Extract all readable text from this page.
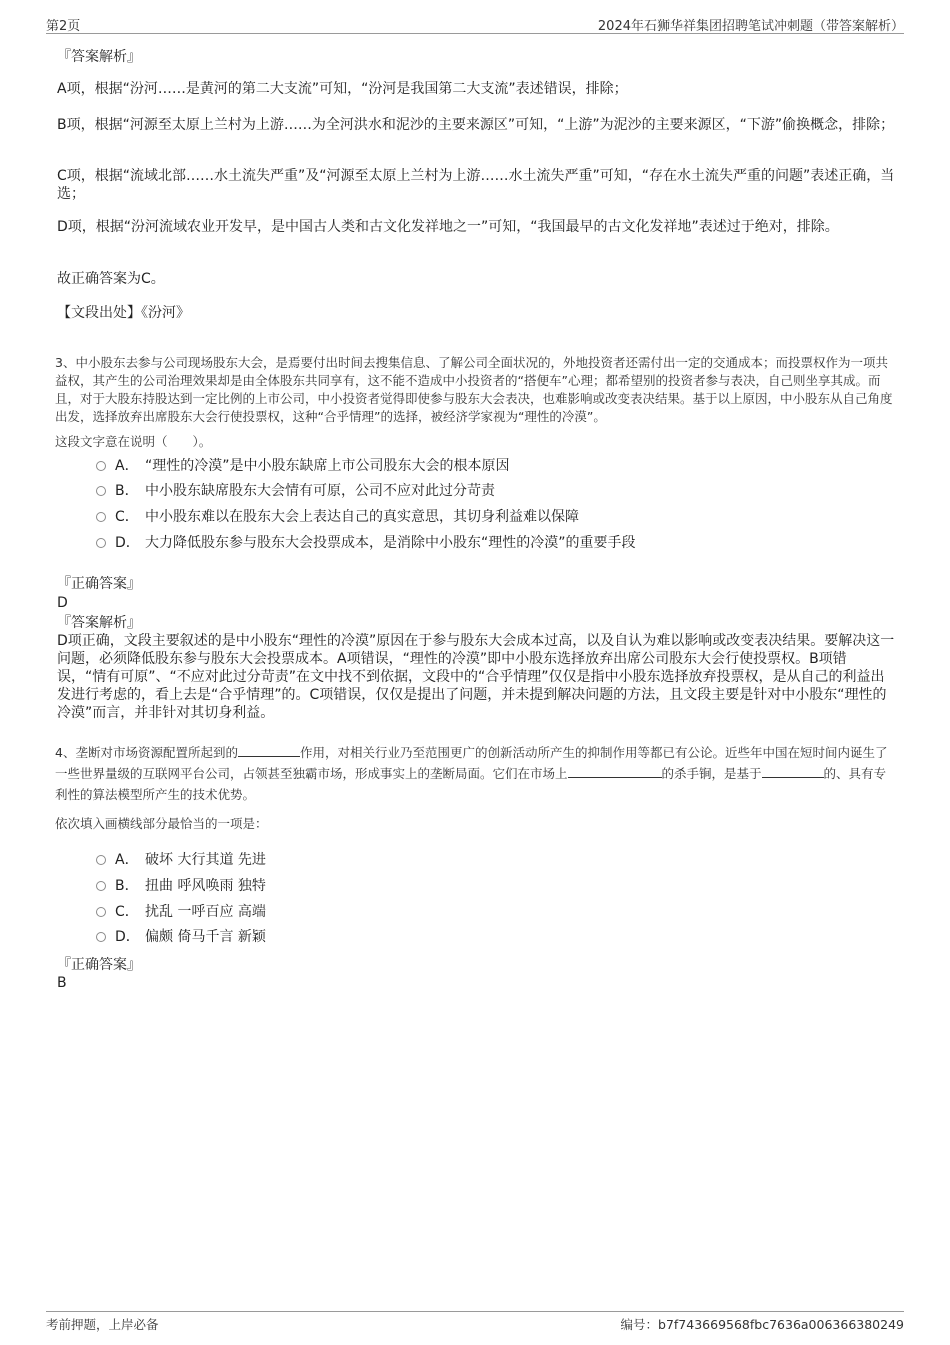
第2页	2024年石狮华祥集团招聘笔试冲刺题（带答案解析）
『答案解析』
A项，根据“汾河……是黄河的第二大支流”可知，“汾河是我国第二大支流”表述错误，排除；
B项，根据“河源至太原上兰村为上游……为全河洪水和泥沙的主要来源区”可知，“上游”为泥沙的主要来源区，“下游”偷换概念，排除；
C项，根据“流域北部……水土流失严重”及“河源至太原上兰村为上游……水土流失严重”可知，“存在水土流失严重的问题”表述正确，当选；
D项，根据“汾河流域农业开发早，是中国古人类和古文化发祥地之一”可知，“我国最早的古文化发祥地”表述过于绝对，排除。
故正确答案为C。
【文段出处】《汾河》
3、中小股东去参与公司现场股东大会，是焉要付出时间去搜集信息、了解公司全面状况的，外地投资者还需付出一定的交通成本；而投票权作为一项共益权，其产生的公司治理效果却是由全体股东共同享有，这不能不造成中小投资者的“搭便车”心理；都希望别的投资者参与表决，自己则坐享其成。而且，对于大股东持股达到一定比例的上市公司，中小投资者觉得即使参与股东大会表决，也难影响或改变表决结果。基于以上原因，中小股东从自己角度出发，选择放弃出席股东大会行使投票权，这种“合乎情理”的选择，被经济学家视为“理性的冷漠”。
这段文字意在说明（　　）。
A． “理性的冷漠”是中小股东缺席上市公司股东大会的根本原因
B． 中小股东缺席股东大会情有可原，公司不应对此过分苛责
C． 中小股东难以在股东大会上表达自己的真实意思，其切身利益难以保障
D． 大力降低股东参与股东大会投票成本，是消除中小股东“理性的冷漠”的重要手段
『正确答案』
D
『答案解析』
D项正确，文段主要叙述的是中小股东“理性的冷漠”原因在于参与股东大会成本过高，以及自认为难以影响或改变表决结果。要解决这一问题，必须降低股东参与股东大会投票成本。A项错误，“理性的冷漠”即中小股东选择放弃出席公司股东大会行使投票权。B项错误，“情有可原”、“不应对此过分苛责”在文中找不到依据，文段中的“合乎情理”仅仅是指中小股东选择放弃投票权，是从自己的利益出发进行考虑的，看上去是“合乎情理”的。C项错误，仅仅是提出了问题，并未提到解决问题的方法，且文段主要是针对中小股东“理性的冷漠”而言，并非针对其切身利益。
4、垄断对市场资源配置所起到的	作用，对相关行业乃至范围更广的创新活动所产生的抑制作用等都已有公论。近些年中国在短时间内诞生了一些世界量级的互联网平台公司，占领甚至独霸市场，形成事实上的垄断局面。它们在市场上	的杀手锏，是基于	的、具有专利性的算法模型所产生的技术优势。
依次填入画横线部分最恰当的一项是：
A． 破坏 大行其道 先进
B． 扭曲 呼风唤雨 独特
C． 扰乱 一呼百应 高端
D． 偏颇 倚马千言 新颖
『正确答案』
B
考前押题，上岸必备	编号：b7f743669568fbc7636a006366380249
